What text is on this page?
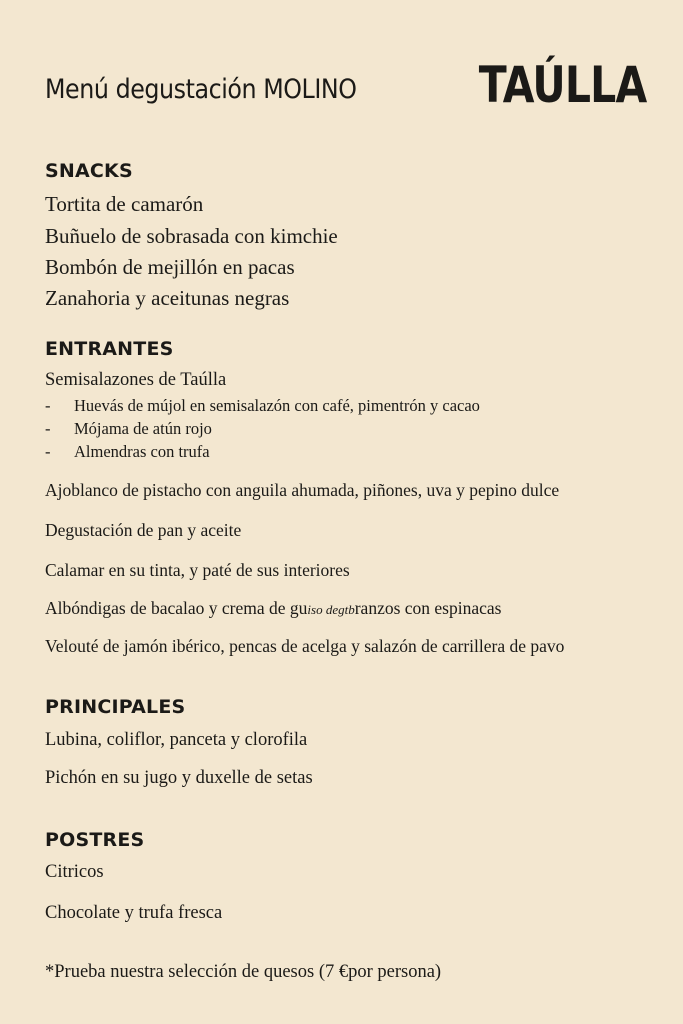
Menú degustación MOLINO TAÚLLA
SNACKS
Tortita de camarón
Buñuelo de sobrasada con kimchie
Bombón de mejillón en pacas
Zanahoria y aceitunas negras
ENTRANTES
Semisalazones de Taúlla
- Huevás de mújol en semisalazón con café, pimentrón y cacao
- Mójama de atún rojo
- Almendras con trufa
Ajoblanco de pistacho con anguila ahumada, piñones, uva y pepino dulce
Degustación de pan y aceite
Calamar en su tinta, y paté de sus interiores
Albóndigas de bacalao y crema de guiso degtbranzos con espinacas
Velouté de jamón ibérico, pencas de acelga y salazón de carrillera de pavo
PRINCIPALES
Lubina, coliflor, panceta y clorofila
Pichón en su jugo y duxelle de setas
POSTRES
Citricos
Chocolate y trufa fresca
*Prueba nuestra selección de quesos (7 €por persona)
